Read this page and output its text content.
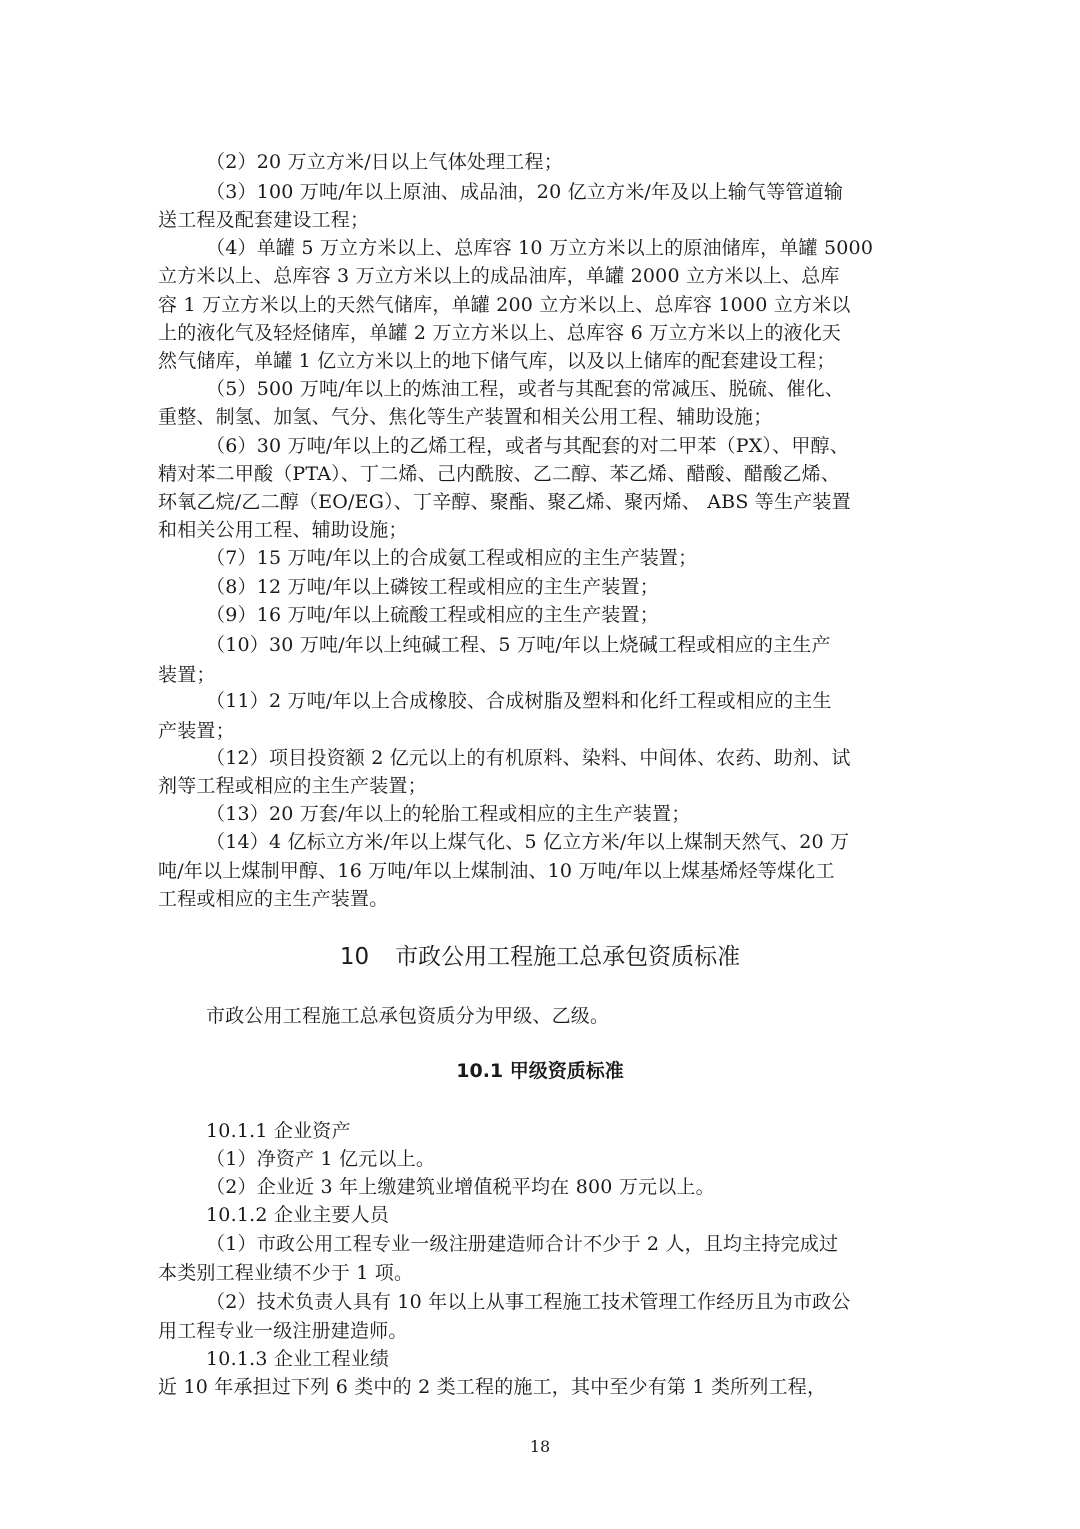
（2）20 万立方米/日以上气体处理工程；
（3）100 万吨/年以上原油、成品油，20 亿立方米/年及以上输气等管道输
送工程及配套建设工程；
（4）单罐 5 万立方米以上、总库容 10 万立方米以上的原油储库，单罐 5000
立方米以上、总库容 3 万立方米以上的成品油库，单罐 2000 立方米以上、总库
容 1 万立方米以上的天然气储库，单罐 200 立方米以上、总库容 1000 立方米以
上的液化气及轻烃储库，单罐 2 万立方米以上、总库容 6 万立方米以上的液化天
然气储库，单罐 1 亿立方米以上的地下储气库，以及以上储库的配套建设工程；
（5）500 万吨/年以上的炼油工程，或者与其配套的常减压、脱硫、催化、
重整、制氢、加氢、气分、焦化等生产装置和相关公用工程、辅助设施；
（6）30 万吨/年以上的乙烯工程，或者与其配套的对二甲苯（PX）、甲醇、
精对苯二甲酸（PTA）、丁二烯、己内酰胺、乙二醇、苯乙烯、醋酸、醋酸乙烯、
环氧乙烷/乙二醇（EO/EG）、丁辛醇、聚酯、聚乙烯、聚丙烯、 ABS 等生产装置
和相关公用工程、辅助设施；
（7）15 万吨/年以上的合成氨工程或相应的主生产装置；
（8）12 万吨/年以上磷铵工程或相应的主生产装置；
（9）16 万吨/年以上硫酸工程或相应的主生产装置；
（10）30 万吨/年以上纯碱工程、5 万吨/年以上烧碱工程或相应的主生产
装置；
（11）2 万吨/年以上合成橡胶、合成树脂及塑料和化纤工程或相应的主生
产装置；
（12）项目投资额 2 亿元以上的有机原料、染料、中间体、农药、助剂、试
剂等工程或相应的主生产装置；
（13）20 万套/年以上的轮胎工程或相应的主生产装置；
（14）4 亿标立方米/年以上煤气化、5 亿立方米/年以上煤制天然气、20 万
吨/年以上煤制甲醇、16 万吨/年以上煤制油、10 万吨/年以上煤基烯烃等煤化工
工程或相应的主生产装置。
10 市政公用工程施工总承包资质标准
市政公用工程施工总承包资质分为甲级、乙级。
10.1 甲级资质标准
10.1.1 企业资产
（1）净资产 1 亿元以上。
（2）企业近 3 年上缴建筑业增值税平均在 800 万元以上。
10.1.2 企业主要人员
（1）市政公用工程专业一级注册建造师合计不少于 2 人，且均主持完成过
本类别工程业绩不少于 1 项。
（2）技术负责人具有 10 年以上从事工程施工技术管理工作经历且为市政公
用工程专业一级注册建造师。
10.1.3 企业工程业绩
近 10 年承担过下列 6 类中的 2 类工程的施工，其中至少有第 1 类所列工程，
18
